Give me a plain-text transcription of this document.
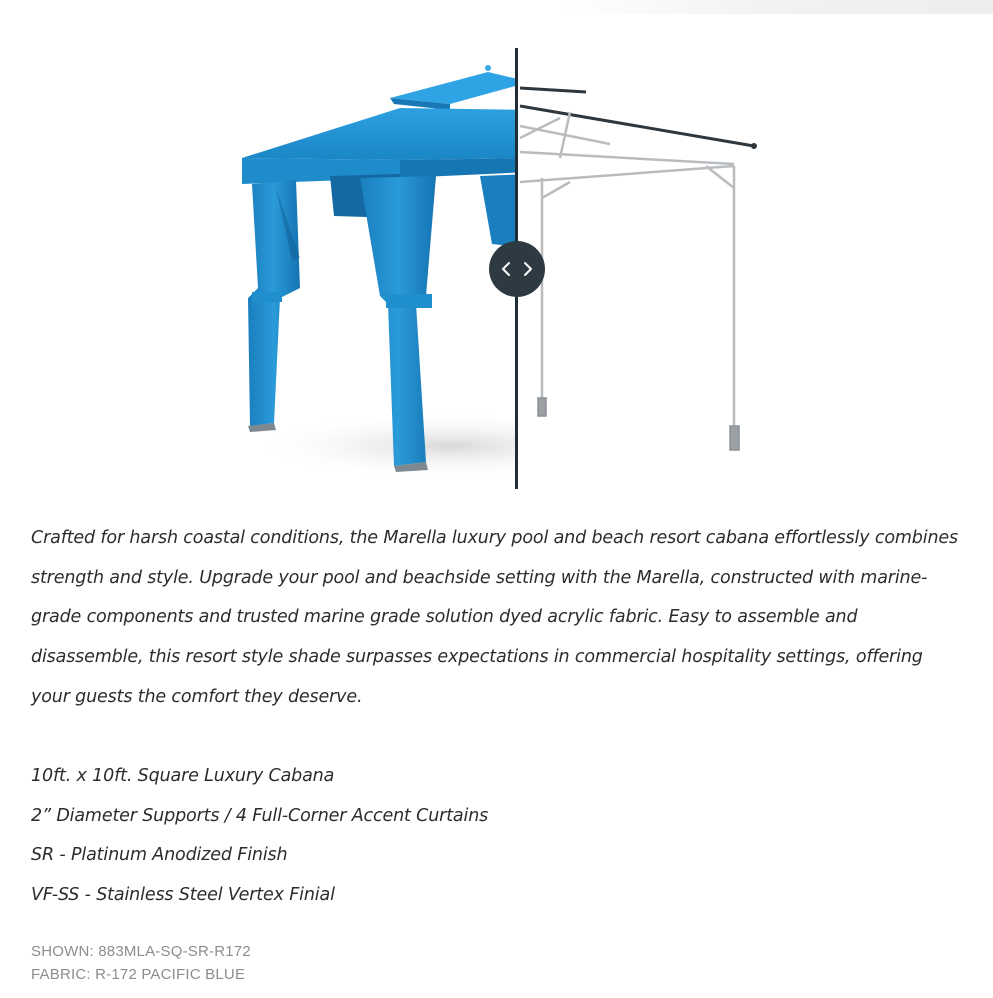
Crafted for harsh coastal conditions, the Marella luxury pool and beach resort cabana effortlessly combines strength and style. Upgrade your pool and beachside setting with the Marella, constructed with marine-grade components and trusted marine grade solution dyed acrylic fabric. Easy to assemble and disassemble, this resort style shade surpasses expectations in commercial hospitality settings, offering your guests the comfort they deserve.

10ft. x 10ft. Square Luxury Cabana
2” Diameter Supports / 4 Full-Corner Accent Curtains
SR - Platinum Anodized Finish
VF-SS - Stainless Steel Vertex Finial
SHOWN: 883MLA-SQ-SR-R172
FABRIC: R-172 PACIFIC BLUE
